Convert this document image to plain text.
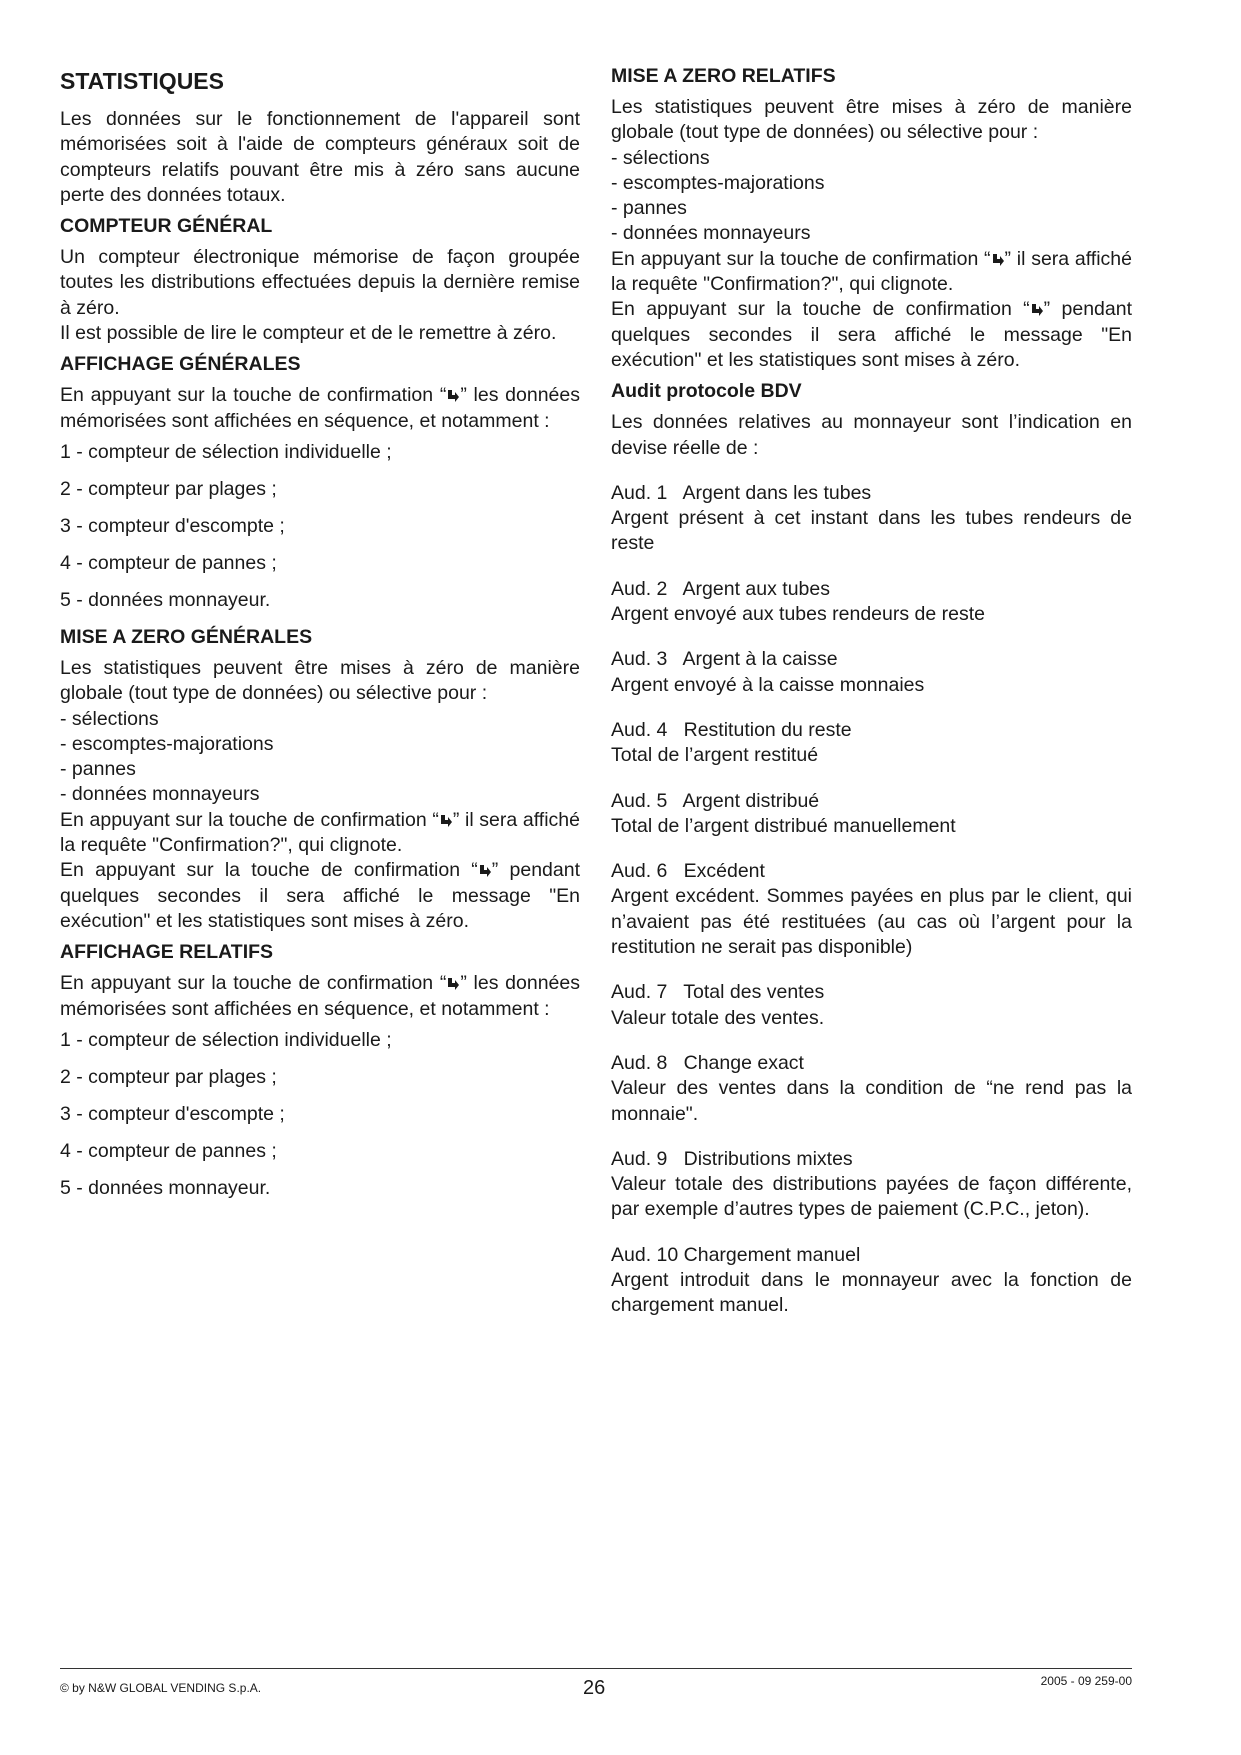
STATISTIQUES
Les données sur le fonctionnement de l'appareil sont mémorisées soit à l'aide de compteurs généraux soit de compteurs relatifs pouvant être mis à zéro sans aucune perte des données totaux.
COMPTEUR GÉNÉRAL
Un compteur électronique mémorise de façon groupée toutes les distributions effectuées depuis la dernière remise à zéro.
Il est possible de lire le compteur et de le remettre à zéro.
AFFICHAGE GÉNÉRALES
En appuyant sur la touche de confirmation “ ” les données mémorisées sont affichées en séquence, et notamment :
1 - compteur de sélection individuelle ;
2 - compteur par plages ;
3 - compteur d'escompte ;
4 - compteur de pannes ;
5 - données monnayeur.
MISE A ZERO GÉNÉRALES
Les statistiques peuvent être mises à zéro de manière globale (tout type de données) ou sélective pour :
- sélections
- escomptes-majorations
- pannes
- données monnayeurs
En appuyant sur la touche de confirmation “ ” il sera affiché la requête "Confirmation?", qui clignote.
En appuyant sur la touche de confirmation “ ” pendant quelques secondes il sera affiché le message "En exécution" et les statistiques sont mises à zéro.
AFFICHAGE RELATIFS
En appuyant sur la touche de confirmation “ ” les données mémorisées sont affichées en séquence, et notamment :
1 - compteur de sélection individuelle ;
2 - compteur par plages ;
3 - compteur d'escompte ;
4 - compteur de pannes ;
5 - données monnayeur.
MISE A ZERO RELATIFS
Les statistiques peuvent être mises à zéro de manière globale (tout type de données) ou sélective pour :
- sélections
- escomptes-majorations
- pannes
- données monnayeurs
En appuyant sur la touche de confirmation “ ” il sera affiché la requête "Confirmation?", qui clignote.
En appuyant sur la touche de confirmation “ ” pendant quelques secondes il sera affiché le message "En exécution" et les statistiques sont mises à zéro.
Audit protocole BDV
Les données relatives au monnayeur sont l’indication en devise réelle de :
Aud. 1   Argent dans les tubes
Argent présent à cet instant dans les tubes rendeurs de reste
Aud. 2   Argent aux tubes
Argent envoyé aux tubes rendeurs de reste
Aud. 3   Argent à la caisse
Argent envoyé à la caisse monnaies
Aud. 4   Restitution du reste
Total de l’argent restitué
Aud. 5   Argent distribué
Total de l’argent distribué manuellement
Aud. 6   Excédent
Argent excédent. Sommes payées en plus par le client, qui n’avaient pas été restituées (au cas où l’argent pour la restitution ne serait pas disponible)
Aud. 7   Total des ventes
Valeur totale des ventes.
Aud. 8   Change exact
Valeur des ventes dans la condition de “ne rend pas la monnaie".
Aud. 9   Distributions mixtes
Valeur totale des distributions payées de façon différente, par exemple d’autres types de paiement (C.P.C., jeton).
Aud. 10 Chargement manuel
Argent introduit dans le monnayeur avec la fonction de chargement manuel.
© by N&W GLOBAL VENDING S.p.A.	26	2005 - 09 259-00
